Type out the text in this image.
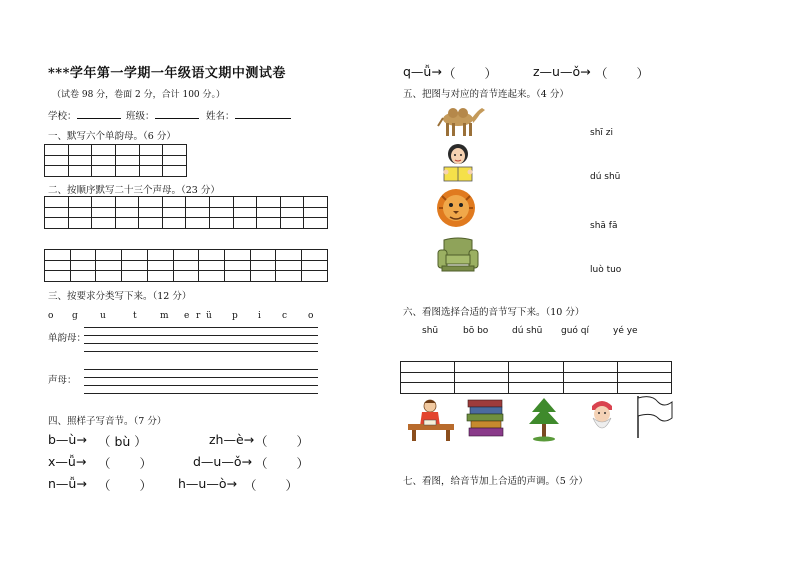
***学年第一学期一年级语文期中测试卷
（试卷 98 分，卷面 2 分，合计 100 分。）
学校：	班级：	姓名：
一、默写六个单韵母。（6 分）

二、按顺序默写二十三个声母。（23 分）

三、按要求分类写下来。（12 分）
o g u	t	m e r ü p i c o
单韵母：
声母：
四、照样子写音节。（7 分）
b—ù→ （ bù ）	zh—è→ （　　 ）
x—ǚ→ （　　 ）	d—u—ǒ→ （　　 ）
n—ǚ→ （　　 ） h—u—ò→ （　　 ）
q—ǚ→ （　　 ）	z—u—ǒ→ （　　 ）
五、把图与对应的音节连起来。（4 分）
shī zi
dú shū
shā fā
luò tuo
六、看图选择合适的音节写下来。（10 分）
shū	bō bo	dú shū guó qí	yé ye

七、看图，给音节加上合适的声调。（5 分）
